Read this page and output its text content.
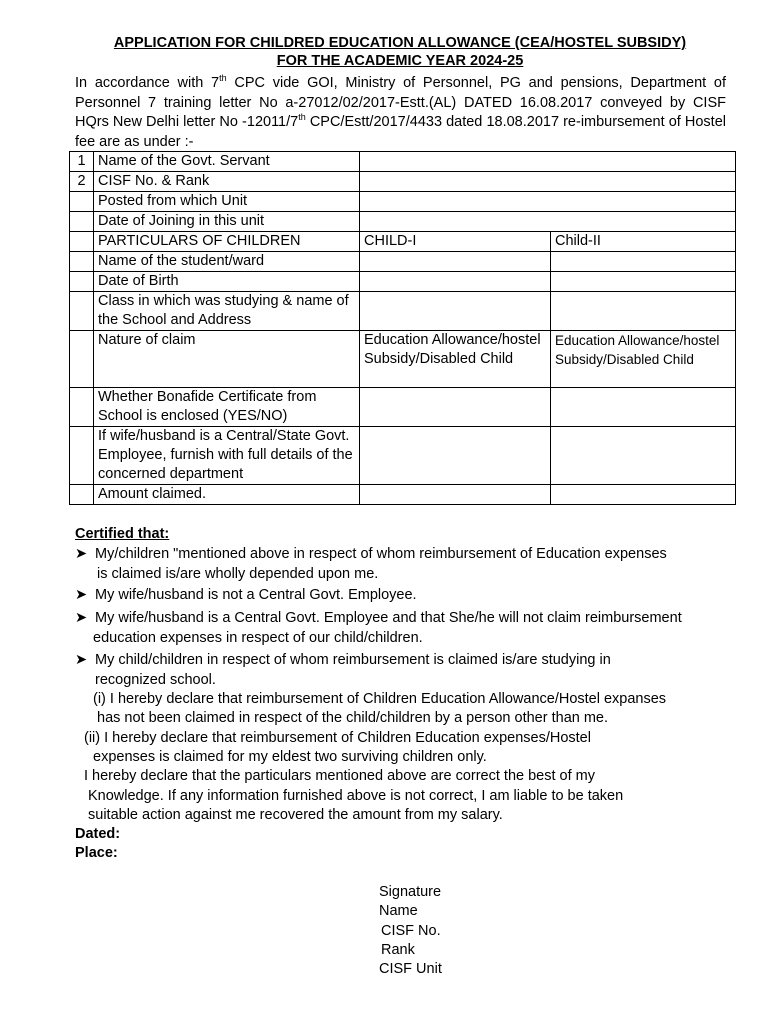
APPLICATION FOR CHILDRED EDUCATION ALLOWANCE (CEA/HOSTEL SUBSIDY)
FOR THE ACADEMIC YEAR 2024-25
In accordance with 7th CPC vide GOI, Ministry of Personnel, PG and pensions, Department of Personnel 7 training letter No a-27012/02/2017-Estt.(AL) DATED 16.08.2017 conveyed by CISF HQrs New Delhi letter No -12011/7th CPC/Estt/2017/4433 dated 18.08.2017 re-imbursement of Hostel fee are as under :-
1	Name of the Govt. Servant		
2	CISF No. & Rank		
	Posted from which Unit		
	Date of Joining in this unit		
	PARTICULARS OF CHILDREN	CHILD-I	Child-II
	Name of the student/ward		
	Date of Birth		
	Class in which was studying & name of the School and Address		
	Nature of claim	Education Allowance/hostel Subsidy/Disabled Child	Education Allowance/hostel Subsidy/Disabled Child
	Whether Bonafide Certificate from School is enclosed (YES/NO)		
	If wife/husband is a Central/State Govt. Employee, furnish with full details of the concerned department		
	Amount claimed.		
Certified that:
➤ My/children "mentioned above in respect of whom reimbursement of Education expenses
is claimed is/are wholly depended upon me.
➤ My wife/husband is not a Central Govt. Employee.
➤ My wife/husband is a Central Govt. Employee and that She/he will not claim reimbursement
education expenses in respect of our child/children.
➤ My child/children in respect of whom reimbursement is claimed is/are studying in
recognized school.
(i) I hereby declare that reimbursement of Children Education Allowance/Hostel expanses
has not been claimed in respect of the child/children by a person other than me.
(ii) I hereby declare that reimbursement of Children Education expenses/Hostel
expenses is claimed for my eldest two surviving children only.
I hereby declare that the particulars mentioned above are correct the best of my
Knowledge. If any information furnished above is not correct, I am liable to be taken
suitable action against me recovered the amount from my salary.
Dated:
Place:
Signature
Name
CISF No.
Rank
CISF Unit
